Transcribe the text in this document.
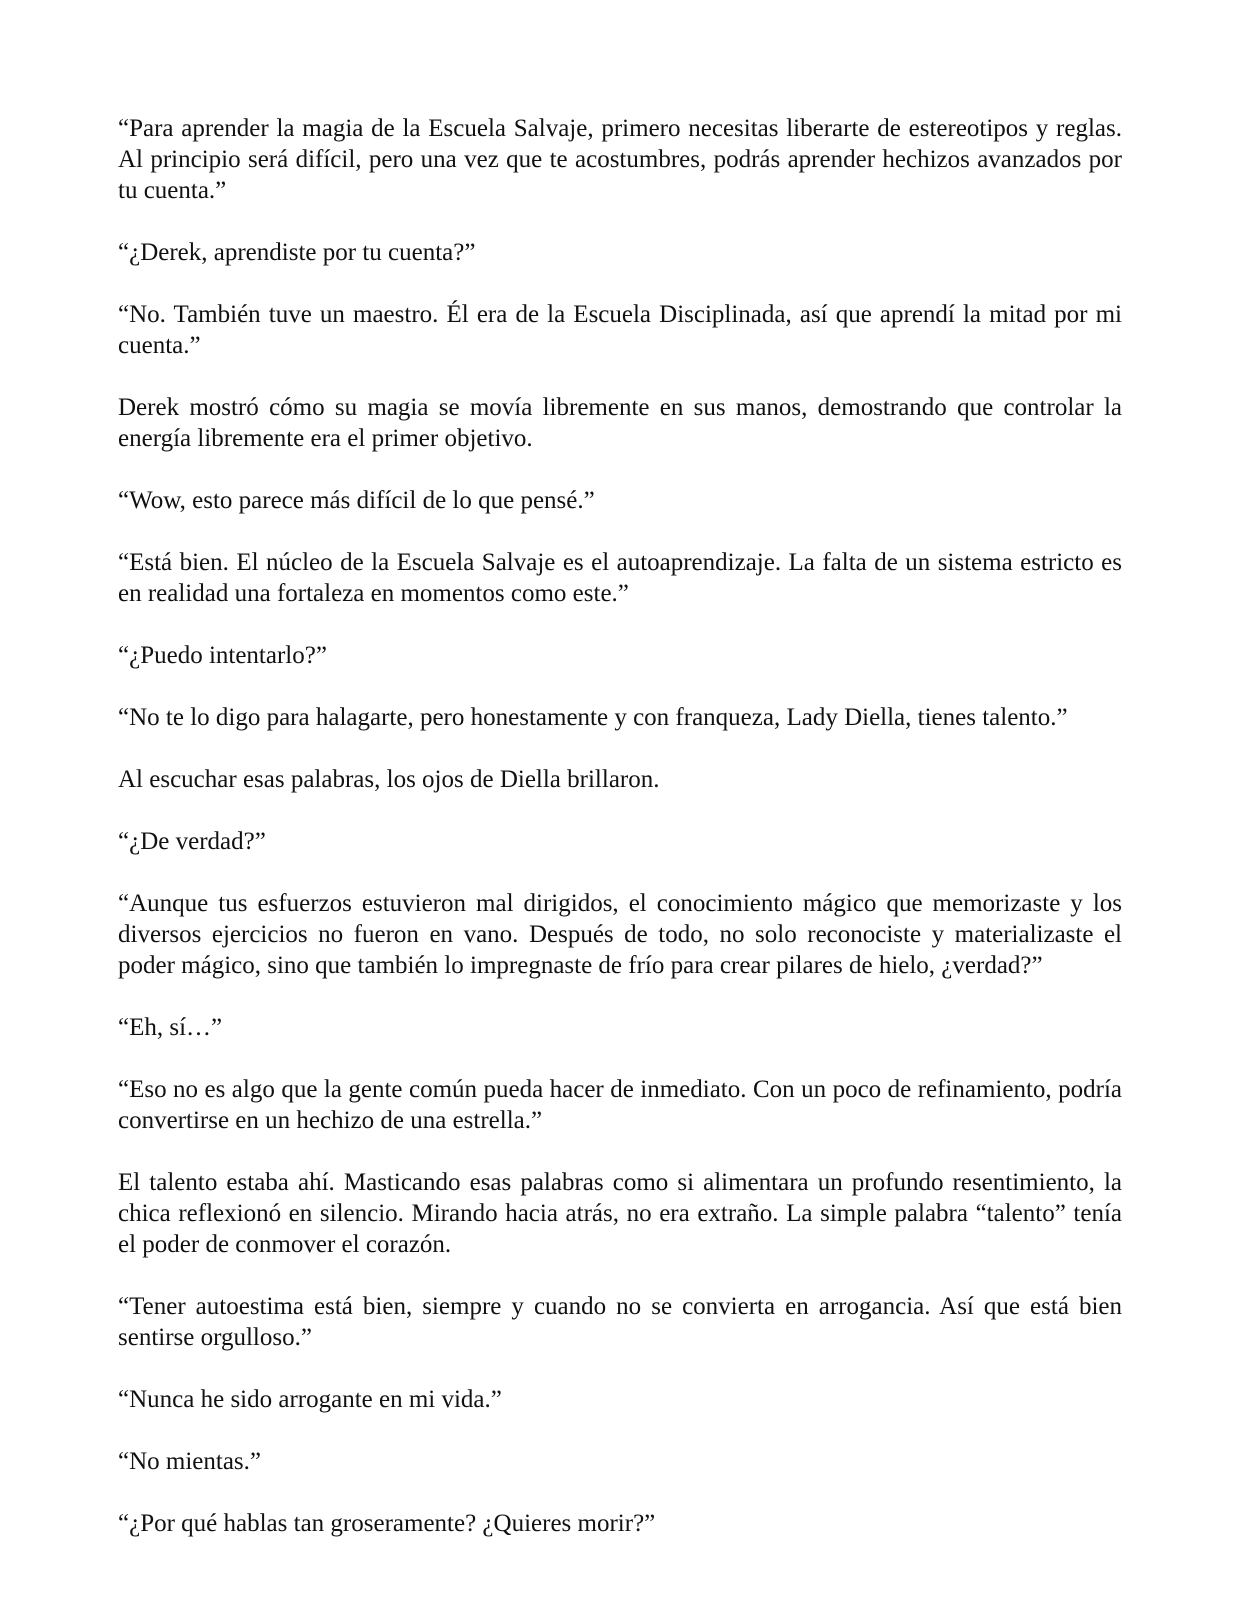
“Para aprender la magia de la Escuela Salvaje, primero necesitas liberarte de estereotipos y reglas. Al principio será difícil, pero una vez que te acostumbres, podrás aprender hechizos avanzados por tu cuenta.”

“¿Derek, aprendiste por tu cuenta?”

“No. También tuve un maestro. Él era de la Escuela Disciplinada, así que aprendí la mitad por mi cuenta.”

Derek mostró cómo su magia se movía libremente en sus manos, demostrando que controlar la energía libremente era el primer objetivo.

“Wow, esto parece más difícil de lo que pensé.”

“Está bien. El núcleo de la Escuela Salvaje es el autoaprendizaje. La falta de un sistema estricto es en realidad una fortaleza en momentos como este.”

“¿Puedo intentarlo?”

“No te lo digo para halagarte, pero honestamente y con franqueza, Lady Diella, tienes talento.”

Al escuchar esas palabras, los ojos de Diella brillaron.

“¿De verdad?”

“Aunque tus esfuerzos estuvieron mal dirigidos, el conocimiento mágico que memorizaste y los diversos ejercicios no fueron en vano. Después de todo, no solo reconociste y materializaste el poder mágico, sino que también lo impregnaste de frío para crear pilares de hielo, ¿verdad?”

“Eh, sí…”

“Eso no es algo que la gente común pueda hacer de inmediato. Con un poco de refinamiento, podría convertirse en un hechizo de una estrella.”

El talento estaba ahí. Masticando esas palabras como si alimentara un profundo resentimiento, la chica reflexionó en silencio. Mirando hacia atrás, no era extraño. La simple palabra “talento” tenía el poder de conmover el corazón.

“Tener autoestima está bien, siempre y cuando no se convierta en arrogancia. Así que está bien sentirse orgulloso.”

“Nunca he sido arrogante en mi vida.”

“No mientas.”

“¿Por qué hablas tan groseramente? ¿Quieres morir?”
